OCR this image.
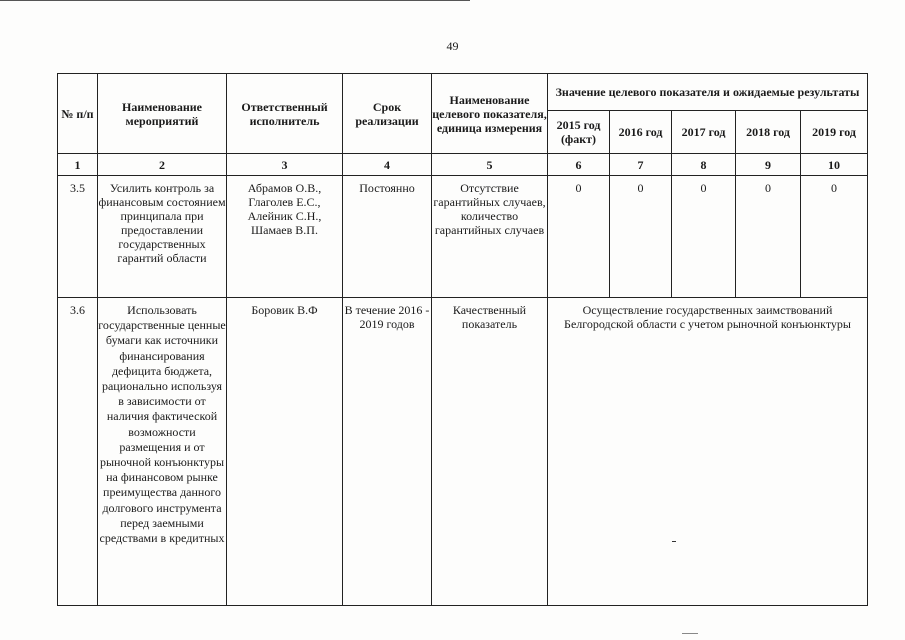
49
№ п/п	Наименование мероприятий	Ответственный исполнитель	Срок реализации	Наименование целевого показателя, единица измерения	Значение целевого показателя и ожидаемые результаты				
					2015 год (факт)	2016 год	2017 год	2018 год	2019 год
1	2	3	4	5	6	7	8	9	10
3.5	Усилить контроль за финансовым состоянием принципала при предоставлении государственных гарантий области	Абрамов О.В., Глаголев Е.С., Алейник С.Н., Шамаев В.П.	Постоянно	Отсутствие гарантийных случаев, количество гарантийных случаев	0	0	0	0	0
3.6	Использовать государственные ценные бумаги как источники финансирования дефицита бюджета, рационально используя в зависимости от наличия фактической возможности размещения и от рыночной конъюнктуры на финансовом рынке преимущества данного долгового инструмента перед заемными средствами в кредитных	Боровик В.Ф	В течение 2016 - 2019 годов	Качественный показатель	Осуществление государственных заимствований Белгородской области с учетом рыночной конъюнктуры				
